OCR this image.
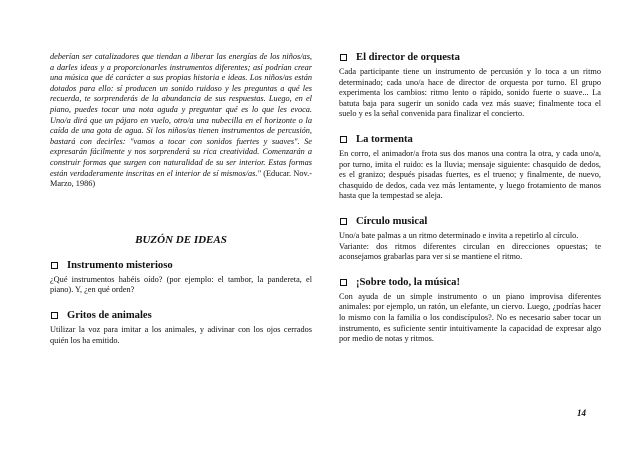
deberían ser catalizadores que tiendan a liberar las energías de los niños/as, a darles ideas y a proporcionarles instrumentos diferentes; así podrían crear una música que dé carácter a sus propias historia e ideas. Los niños/as están dotados para ello: sí producen un sonido ruidoso y les preguntas a qué les recuerda, te sorprenderás de la abundancia de sus respuestas. Luego, en el piano, puedes tocar una nota aguda y preguntar qué es lo que les evoca. Uno/a dirá que un pájaro en vuelo, otro/a una nubecilla en el horizonte o la caída de una gota de agua. Si los niños/as tienen instrumentos de percusión, bastará con decirles: "vamos a tocar con sonidos fuertes y suaves". Se expresarán fácilmente y nos sorprenderá su rica creatividad. Comenzarán a construir formas que surgen con naturalidad de su ser interior. Estas formas están verdaderamente inscritas en el interior de sí mismos/as." (Educar. Nov.- Marzo, 1986)

BUZÓN DE IDEAS
Instrumento misterioso

¿Qué instrumentos habéis oído? (por ejemplo: el tambor, la pandereta, el piano). Y, ¿en qué orden?

Gritos de animales

Utilizar la voz para imitar a los animales, y adivinar con los ojos cerrados quién los ha emitido.

El director de orquesta

Cada participante tiene un instrumento de percusión y lo toca a un ritmo determinado; cada uno/a hace de director de orquesta por turno. El grupo experimenta los cambios: ritmo lento o rápido, sonido fuerte o suave... La batuta baja para sugerir un sonido cada vez más suave; finalmente toca el suelo y es la señal convenida para finalizar el concierto.

La tormenta

En corro, el animador/a frota sus dos manos una contra la otra, y cada uno/a, por turno, imita el ruido: es la lluvia; mensaje siguiente: chasquido de dedos, es el granizo; después pisadas fuertes, es el trueno; y finalmente, de nuevo, chasquido de dedos, cada vez más lentamente, y luego frotamiento de manos hasta que la tempestad se aleja.

Círculo musical

Uno/a bate palmas a un ritmo determinado e invita a repetirlo al círculo.

Variante: dos ritmos diferentes circulan en direcciones opuestas; te aconsejamos grabarlas para ver si se mantiene el ritmo.

¡Sobre todo, la música!

Con ayuda de un simple instrumento o un piano improvisa diferentes animales: por ejemplo, un ratón, un elefante, un ciervo. Luego, ¿podrías hacer lo mismo con la familia o los condiscípulos?. No es necesario saber tocar un instrumento, es suficiente sentir intuitivamente la capacidad de expresar algo por medio de notas y ritmos.

14
